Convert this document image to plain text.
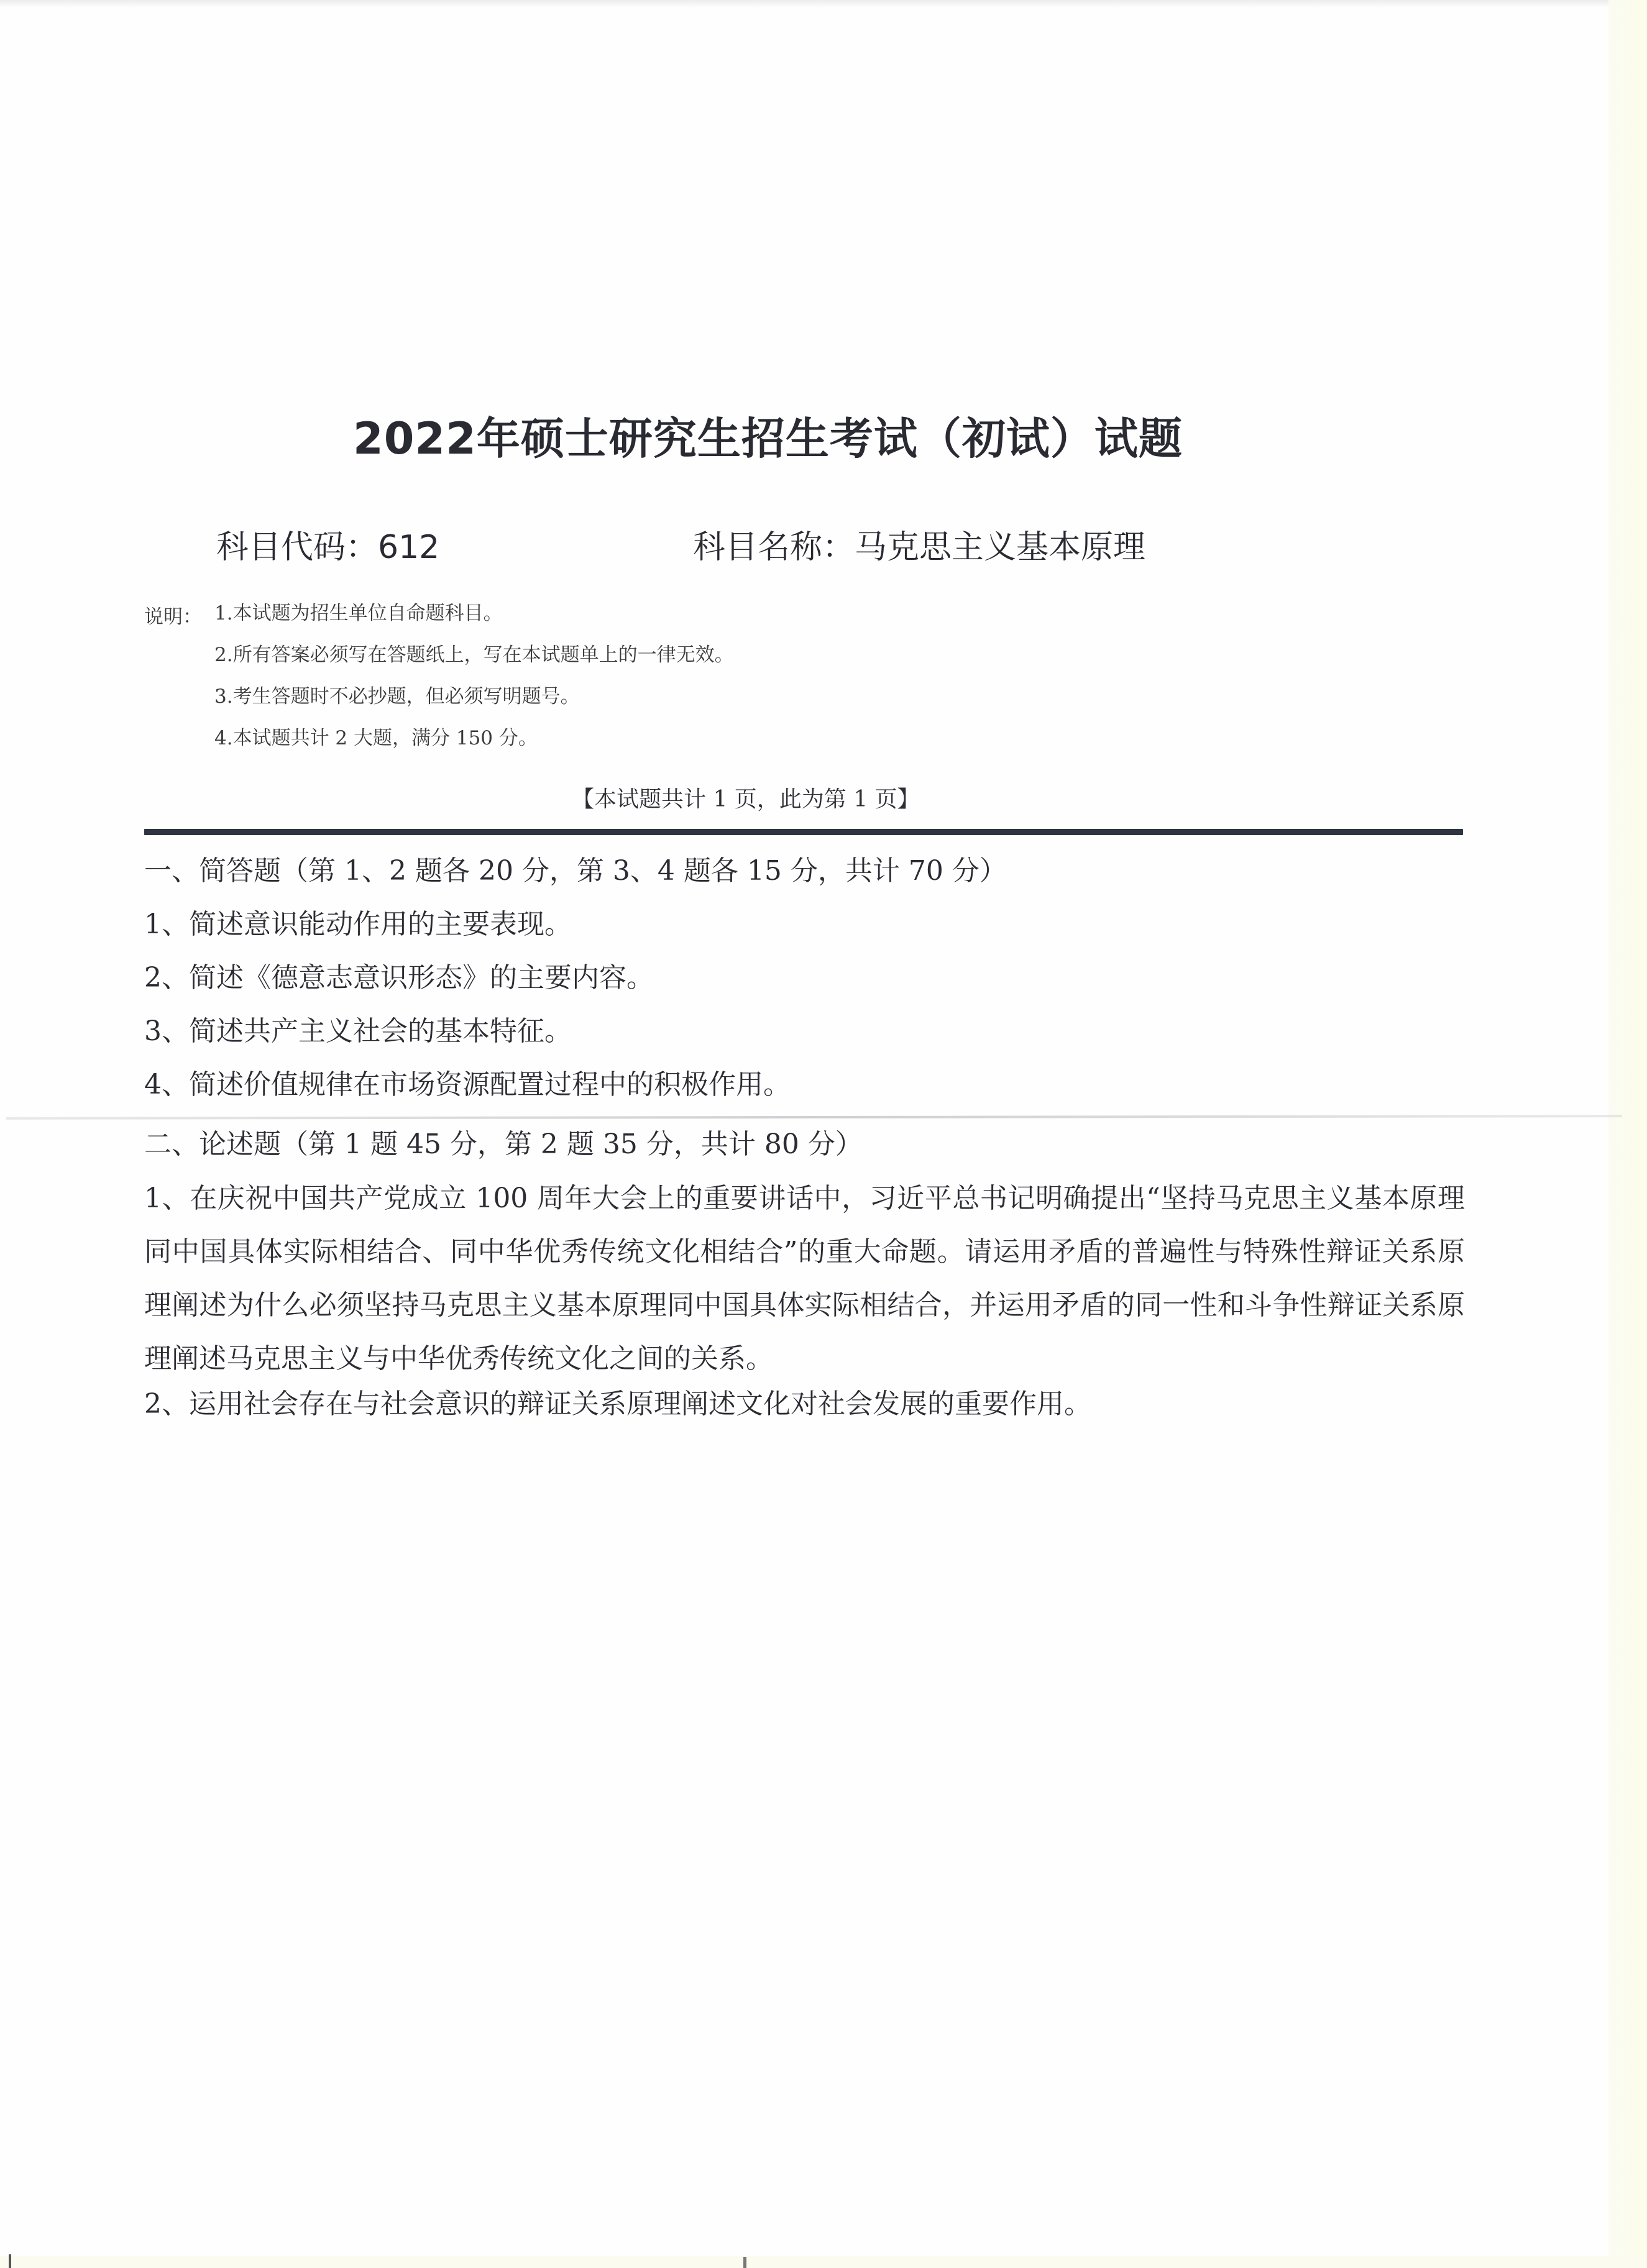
2022年硕士研究生招生考试（初试）试题
科目代码：612	科目名称：马克思主义基本原理
说明： 1.本试题为招生单位自命题科目。
2.所有答案必须写在答题纸上，写在本试题单上的一律无效。
3.考生答题时不必抄题，但必须写明题号。
4.本试题共计 2 大题，满分 150 分。
【本试题共计 1 页，此为第 1 页】
一、简答题（第 1、2 题各 20 分，第 3、4 题各 15 分，共计 70 分）
1、简述意识能动作用的主要表现。
2、简述《德意志意识形态》的主要内容。
3、简述共产主义社会的基本特征。
4、简述价值规律在市场资源配置过程中的积极作用。
二、论述题（第 1 题 45 分，第 2 题 35 分，共计 80 分）
1、在庆祝中国共产党成立 100 周年大会上的重要讲话中，习近平总书记明确提出“坚持马克思主义基本原理同中国具体实际相结合、同中华优秀传统文化相结合”的重大命题。请运用矛盾的普遍性与特殊性辩证关系原理阐述为什么必须坚持马克思主义基本原理同中国具体实际相结合，并运用矛盾的同一性和斗争性辩证关系原理阐述马克思主义与中华优秀传统文化之间的关系。
2、运用社会存在与社会意识的辩证关系原理阐述文化对社会发展的重要作用。
